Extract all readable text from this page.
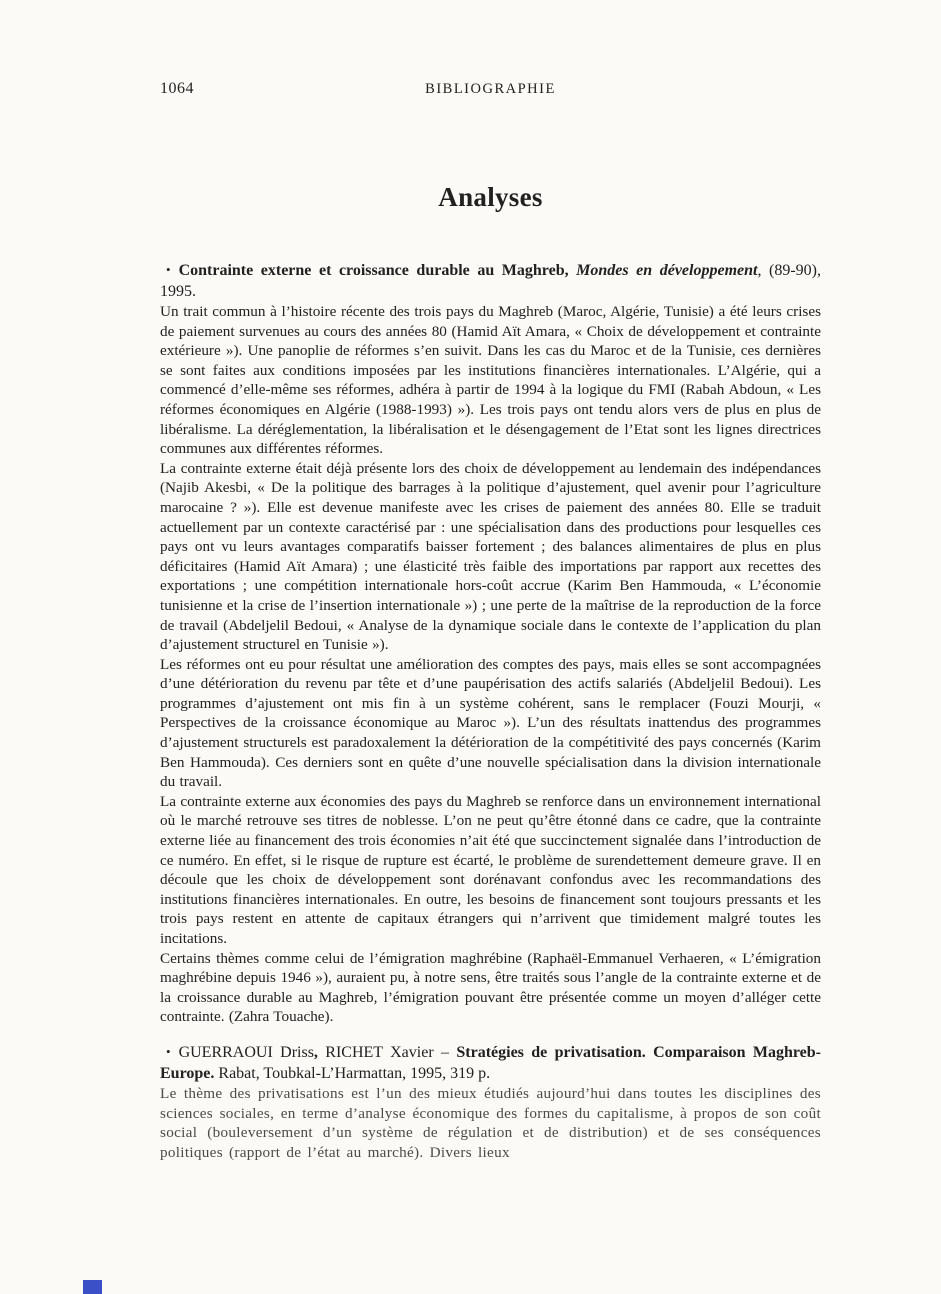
1064	BIBLIOGRAPHIE
Analyses
• Contrainte externe et croissance durable au Maghreb, Mondes en développement, (89-90), 1995.

Un trait commun à l’histoire récente des trois pays du Maghreb (Maroc, Algérie, Tunisie) a été leurs crises de paiement survenues au cours des années 80 (Hamid Aït Amara, « Choix de développement et contrainte extérieure »). Une panoplie de réformes s’en suivit. Dans les cas du Maroc et de la Tunisie, ces dernières se sont faites aux conditions imposées par les institutions financières internationales. L’Algérie, qui a commencé d’elle-même ses réformes, adhéra à partir de 1994 à la logique du FMI (Rabah Abdoun, « Les réformes économiques en Algérie (1988-1993) »). Les trois pays ont tendu alors vers de plus en plus de libéralisme. La déréglementation, la libéralisation et le désengagement de l’Etat sont les lignes directrices communes aux différentes réformes.

La contrainte externe était déjà présente lors des choix de développement au lendemain des indépendances (Najib Akesbi, « De la politique des barrages à la politique d’ajustement, quel avenir pour l’agriculture marocaine ? »). Elle est devenue manifeste avec les crises de paiement des années 80. Elle se traduit actuellement par un contexte caractérisé par : une spécialisation dans des productions pour lesquelles ces pays ont vu leurs avantages comparatifs baisser fortement ; des balances alimentaires de plus en plus déficitaires (Hamid Aït Amara) ; une élasticité très faible des importations par rapport aux recettes des exportations ; une compétition internationale hors-coût accrue (Karim Ben Hammouda, « L’économie tunisienne et la crise de l’insertion internationale ») ; une perte de la maîtrise de la reproduction de la force de travail (Abdeljelil Bedoui, « Analyse de la dynamique sociale dans le contexte de l’application du plan d’ajustement structurel en Tunisie »).

Les réformes ont eu pour résultat une amélioration des comptes des pays, mais elles se sont accompagnées d’une détérioration du revenu par tête et d’une paupérisation des actifs salariés (Abdeljelil Bedoui). Les programmes d’ajustement ont mis fin à un système cohérent, sans le remplacer (Fouzi Mourji, « Perspectives de la croissance économique au Maroc »). L’un des résultats inattendus des programmes d’ajustement structurels est paradoxalement la détérioration de la compétitivité des pays concernés (Karim Ben Hammouda). Ces derniers sont en quête d’une nouvelle spécialisation dans la division internationale du travail.

La contrainte externe aux économies des pays du Maghreb se renforce dans un environnement international où le marché retrouve ses titres de noblesse. L’on ne peut qu’être étonné dans ce cadre, que la contrainte externe liée au financement des trois économies n’ait été que succinctement signalée dans l’introduction de ce numéro. En effet, si le risque de rupture est écarté, le problème de surendettement demeure grave. Il en découle que les choix de développement sont dorénavant confondus avec les recommandations des institutions financières internationales. En outre, les besoins de financement sont toujours pressants et les trois pays restent en attente de capitaux étrangers qui n’arrivent que timidement malgré toutes les incitations.

Certains thèmes comme celui de l’émigration maghrébine (Raphaël-Emmanuel Verhaeren, « L’émigration maghrébine depuis 1946 »), auraient pu, à notre sens, être traités sous l’angle de la contrainte externe et de la croissance durable au Maghreb, l’émigration pouvant être présentée comme un moyen d’alléger cette contrainte. (Zahra Touache).

• GUERRAOUI Driss, RICHET Xavier – Stratégies de privatisation. Comparaison Maghreb-Europe. Rabat, Toubkal-L’Harmattan, 1995, 319 p.

Le thème des privatisations est l’un des mieux étudiés aujourd’hui dans toutes les disciplines des sciences sociales, en terme d’analyse économique des formes du capitalisme, à propos de son coût social (bouleversement d’un système de régulation et de distribution) et de ses conséquences politiques (rapport de l’état au marché). Divers lieux
